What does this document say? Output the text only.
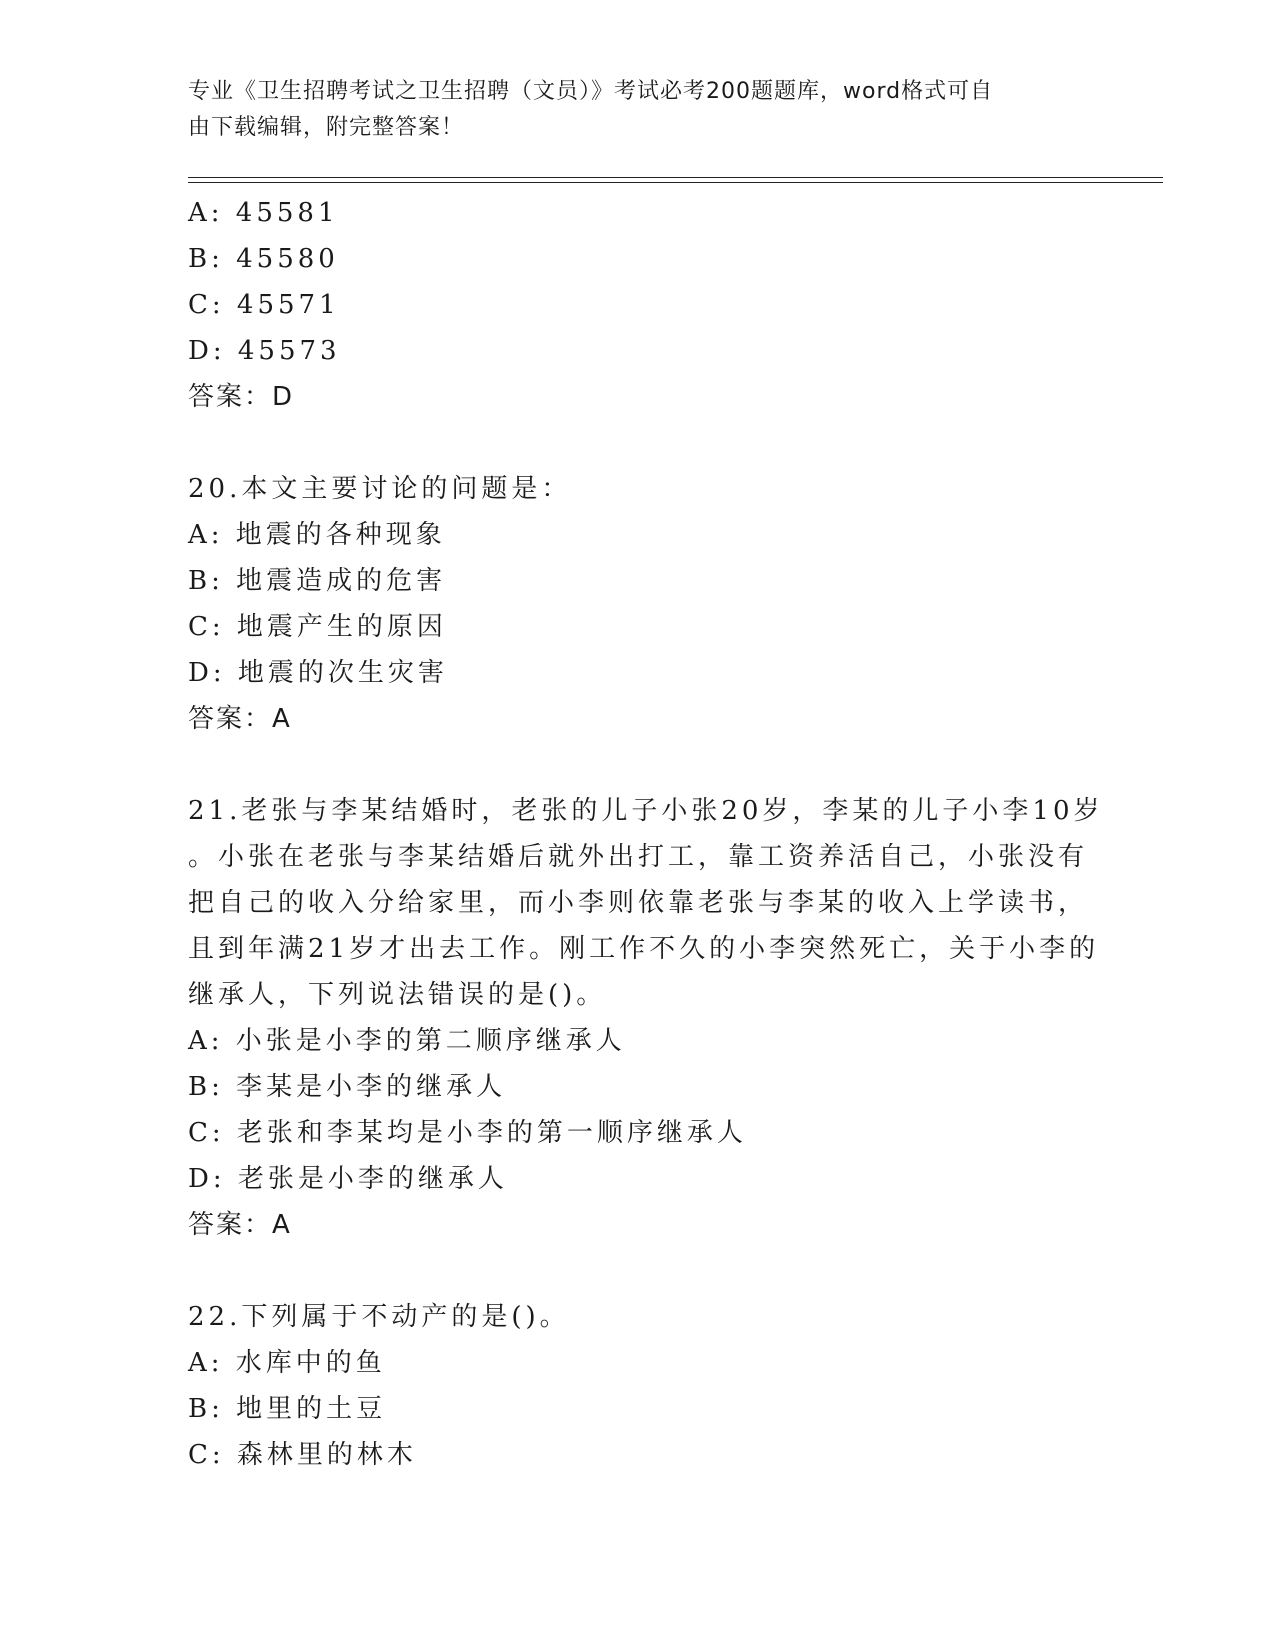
专业《卫生招聘考试之卫生招聘（文员）》考试必考200题题库，word格式可自
由下载编辑，附完整答案！
A: 45581
B: 45580
C: 45571
D: 45573
答案：D
20.本文主要讨论的问题是：
A: 地震的各种现象
B: 地震造成的危害
C: 地震产生的原因
D: 地震的次生灾害
答案：A
21.老张与李某结婚时，老张的儿子小张20岁，李某的儿子小李10岁
。小张在老张与李某结婚后就外出打工，靠工资养活自己，小张没有
把自己的收入分给家里，而小李则依靠老张与李某的收入上学读书，
且到年满21岁才出去工作。刚工作不久的小李突然死亡，关于小李的
继承人，下列说法错误的是()。
A: 小张是小李的第二顺序继承人
B: 李某是小李的继承人
C: 老张和李某均是小李的第一顺序继承人
D: 老张是小李的继承人
答案：A
22.下列属于不动产的是()。
A: 水库中的鱼
B: 地里的土豆
C: 森林里的林木
